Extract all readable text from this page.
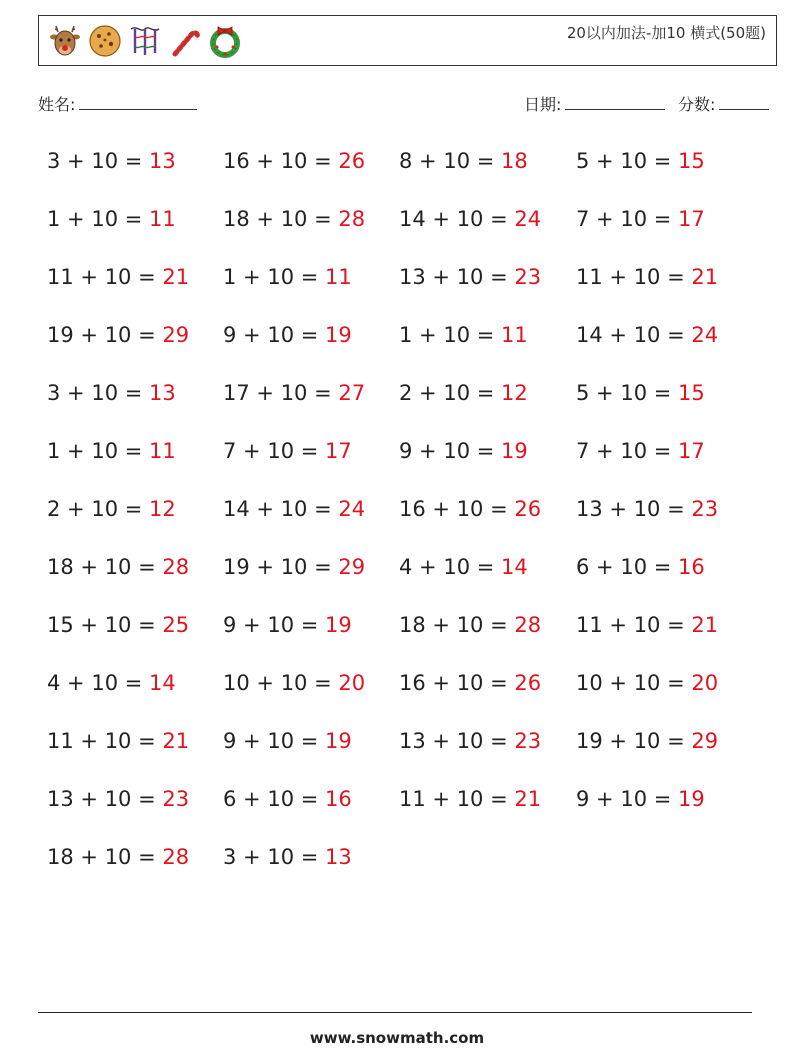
20以内加法-加10 横式(50题)
姓名:	日期:	分数:
3 + 10 = 13
1 + 10 = 11
11 + 10 = 21
19 + 10 = 29
3 + 10 = 13
1 + 10 = 11
2 + 10 = 12
18 + 10 = 28
15 + 10 = 25
4 + 10 = 14
11 + 10 = 21
13 + 10 = 23
18 + 10 = 28
16 + 10 = 26
18 + 10 = 28
1 + 10 = 11
9 + 10 = 19
17 + 10 = 27
7 + 10 = 17
14 + 10 = 24
19 + 10 = 29
9 + 10 = 19
10 + 10 = 20
9 + 10 = 19
6 + 10 = 16
3 + 10 = 13
8 + 10 = 18
14 + 10 = 24
13 + 10 = 23
1 + 10 = 11
2 + 10 = 12
9 + 10 = 19
16 + 10 = 26
4 + 10 = 14
18 + 10 = 28
16 + 10 = 26
13 + 10 = 23
11 + 10 = 21
5 + 10 = 15
7 + 10 = 17
11 + 10 = 21
14 + 10 = 24
5 + 10 = 15
7 + 10 = 17
13 + 10 = 23
6 + 10 = 16
11 + 10 = 21
10 + 10 = 20
19 + 10 = 29
9 + 10 = 19
www.snowmath.com
